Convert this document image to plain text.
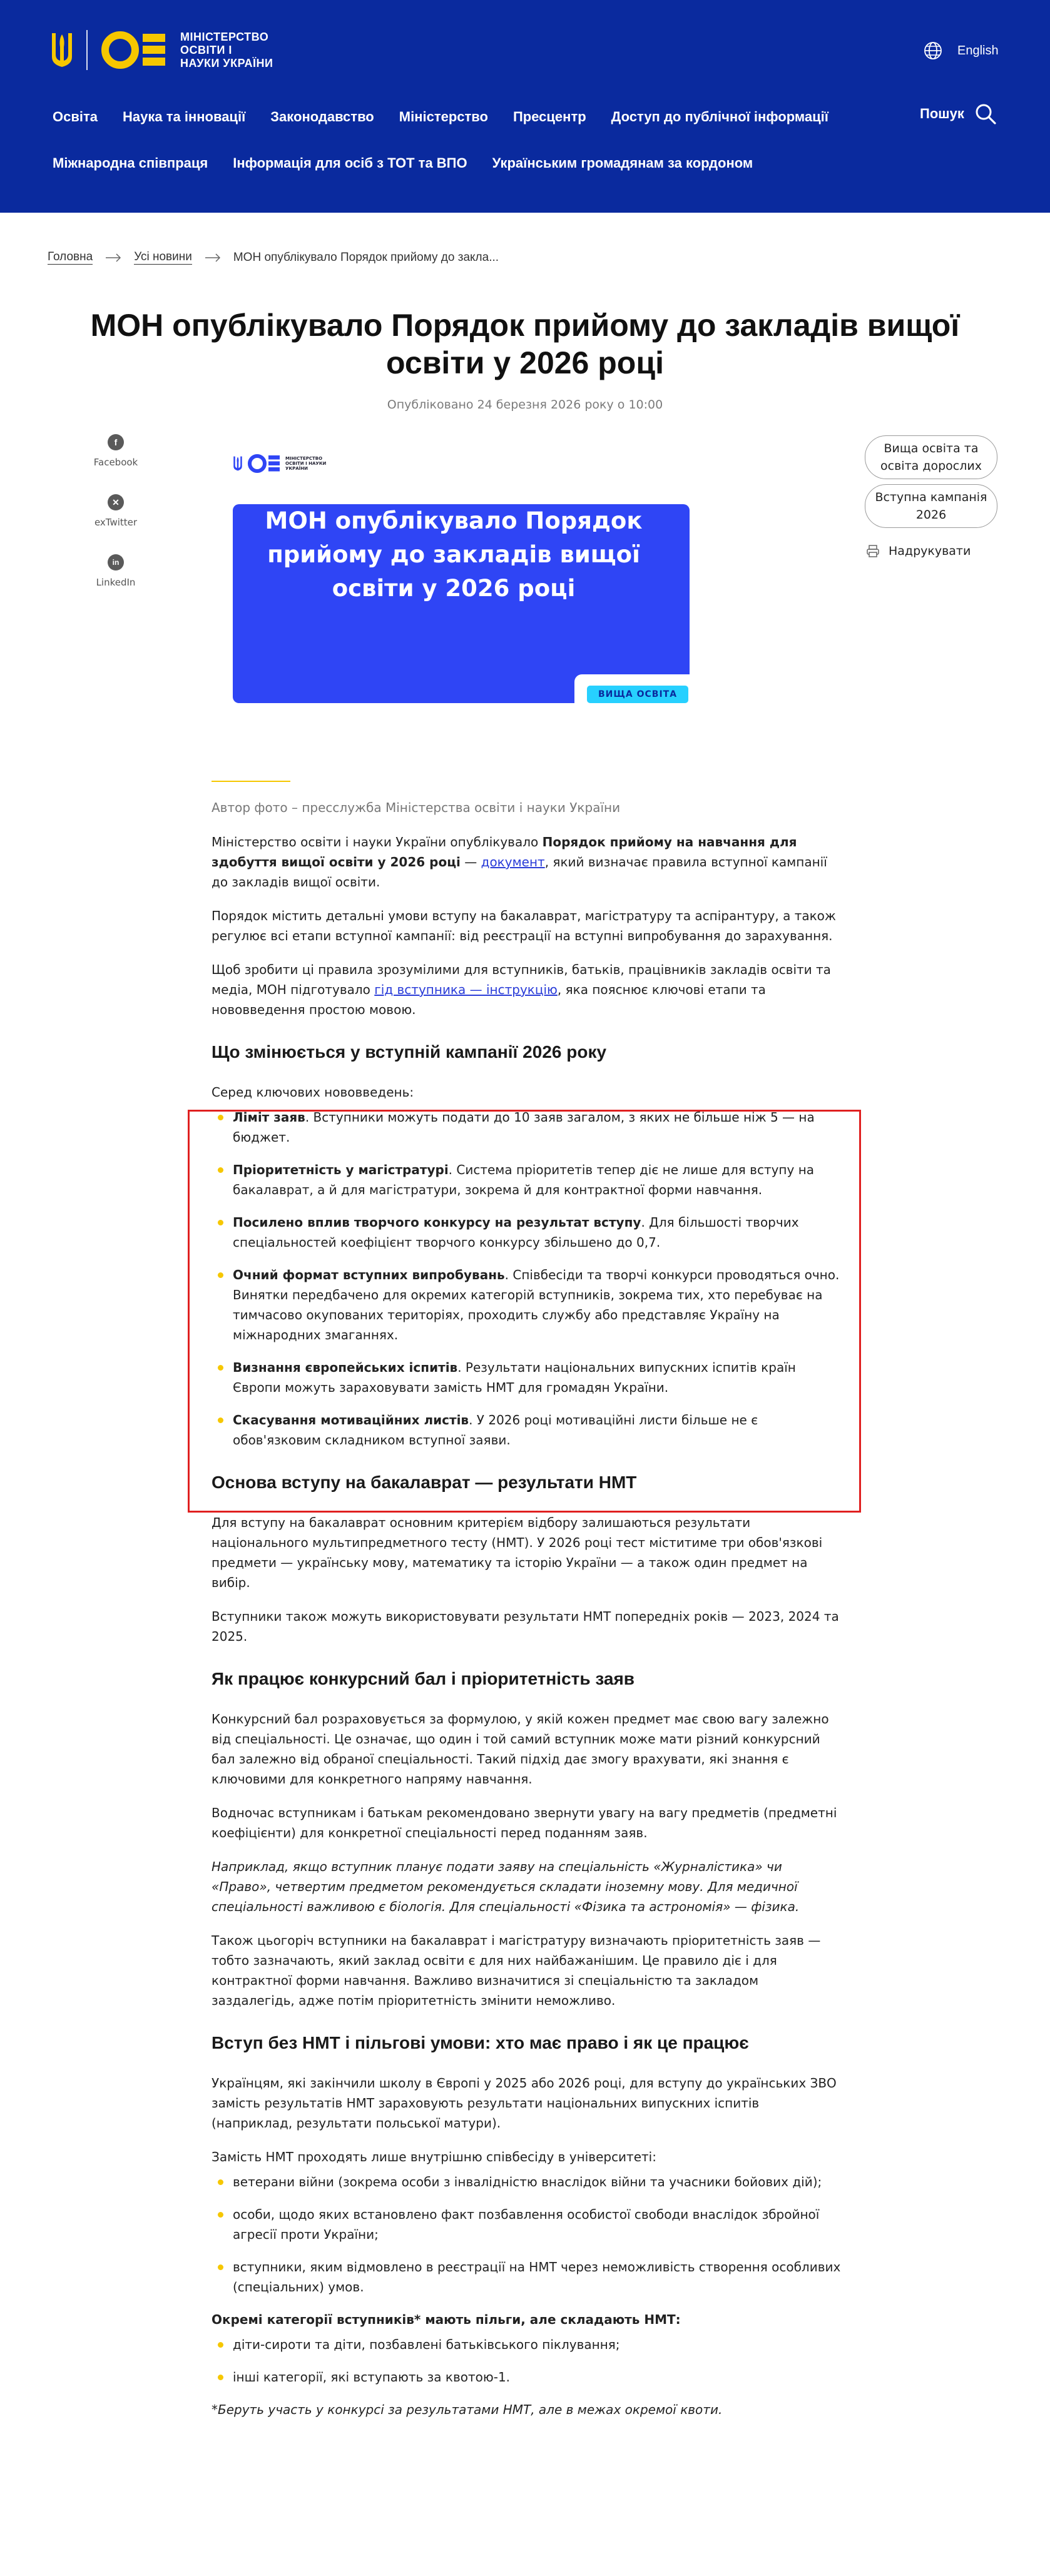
МІНІСТЕРСТВО ОСВІТИ І НАУКИ УКРАЇНИ
English
Освіта Наука та інновації Законодавство Міністерство Пресцентр Доступ до публічної інформації
Міжнародна співпраця Інформація для осіб з ТОТ та ВПО Українським громадянам за кордоном
Пошук
Головна	Усі новини	МОН опублікувало Порядок прийому до закла...
МОН опублікувало Порядок прийому до закладів вищої освіти у 2026 році
Опубліковано 24 березня 2026 року о 10:00
f
Facebook
✕
exTwitter
in
LinkedIn
Вища освіта та освіта дорослих
Вступна кампанія 2026
Надрукувати
МІНІСТЕРСТВО ОСВІТИ І НАУКИ УКРАЇНИ
МОН опублікувало Порядок прийому до закладів вищої освіти у 2026 році
ВИЩА ОСВІТА
Автор фото – пресслужба Міністерства освіти і науки України

Міністерство освіти і науки України опублікувало Порядок прийому на навчання для здобуття вищої освіти у 2026 році — документ, який визначає правила вступної кампанії до закладів вищої освіти.

Порядок містить детальні умови вступу на бакалаврат, магістратуру та аспірантуру, а також регулює всі етапи вступної кампанії: від реєстрації на вступні випробування до зарахування.

Щоб зробити ці правила зрозумілими для вступників, батьків, працівників закладів освіти та медіа, МОН підготувало гід вступника — інструкцію, яка пояснює ключові етапи та нововведення простою мовою.

Що змінюється у вступній кампанії 2026 року

Серед ключових нововведень:

Ліміт заяв. Вступники можуть подати до 10 заяв загалом, з яких не більше ніж 5 — на бюджет.
Пріоритетність у магістратурі. Система пріоритетів тепер діє не лише для вступу на бакалаврат, а й для магістратури, зокрема й для контрактної форми навчання.
Посилено вплив творчого конкурсу на результат вступу. Для більшості творчих спеціальностей коефіцієнт творчого конкурсу збільшено до 0,7.
Очний формат вступних випробувань. Співбесіди та творчі конкурси проводяться очно. Винятки передбачено для окремих категорій вступників, зокрема тих, хто перебуває на тимчасово окупованих територіях, проходить службу або представляє Україну на міжнародних змаганнях.
Визнання європейських іспитів. Результати національних випускних іспитів країн Європи можуть зараховувати замість НМТ для громадян України.
Скасування мотиваційних листів. У 2026 році мотиваційні листи більше не є обов'язковим складником вступної заяви.
Основа вступу на бакалаврат — результати НМТ

Для вступу на бакалаврат основним критерієм відбору залишаються результати національного мультипредметного тесту (НМТ). У 2026 році тест міститиме три обов'язкові предмети — українську мову, математику та історію України — а також один предмет на вибір.

Вступники також можуть використовувати результати НМТ попередніх років — 2023, 2024 та 2025.

Як працює конкурсний бал і пріоритетність заяв

Конкурсний бал розраховується за формулою, у якій кожен предмет має свою вагу залежно від спеціальності. Це означає, що один і той самий вступник може мати різний конкурсний бал залежно від обраної спеціальності. Такий підхід дає змогу врахувати, які знання є ключовими для конкретного напряму навчання.

Водночас вступникам і батькам рекомендовано звернути увагу на вагу предметів (предметні коефіцієнти) для конкретної спеціальності перед поданням заяв.

Наприклад, якщо вступник планує подати заяву на спеціальність «Журналістика» чи «Право», четвертим предметом рекомендується складати іноземну мову. Для медичної спеціальності важливою є біологія. Для спеціальності «Фізика та астрономія» — фізика.

Також цьогоріч вступники на бакалаврат і магістратуру визначають пріоритетність заяв — тобто зазначають, який заклад освіти є для них найбажанішим. Це правило діє і для контрактної форми навчання. Важливо визначитися зі спеціальністю та закладом заздалегідь, адже потім пріоритетність змінити неможливо.

Вступ без НМТ і пільгові умови: хто має право і як це працює

Українцям, які закінчили школу в Європі у 2025 або 2026 році, для вступу до українських ЗВО замість результатів НМТ зараховують результати національних випускних іспитів (наприклад, результати польської матури).

Замість НМТ проходять лише внутрішню співбесіду в університеті:

ветерани війни (зокрема особи з інвалідністю внаслідок війни та учасники бойових дій);
особи, щодо яких встановлено факт позбавлення особистої свободи внаслідок збройної агресії проти України;
вступники, яким відмовлено в реєстрації на НМТ через неможливість створення особливих (спеціальних) умов.

Окремі категорії вступників* мають пільги, але складають НМТ:

діти-сироти та діти, позбавлені батьківського піклування;
інші категорії, які вступають за квотою-1.

*Беруть участь у конкурсі за результатами НМТ, але в межах окремої квоти.
